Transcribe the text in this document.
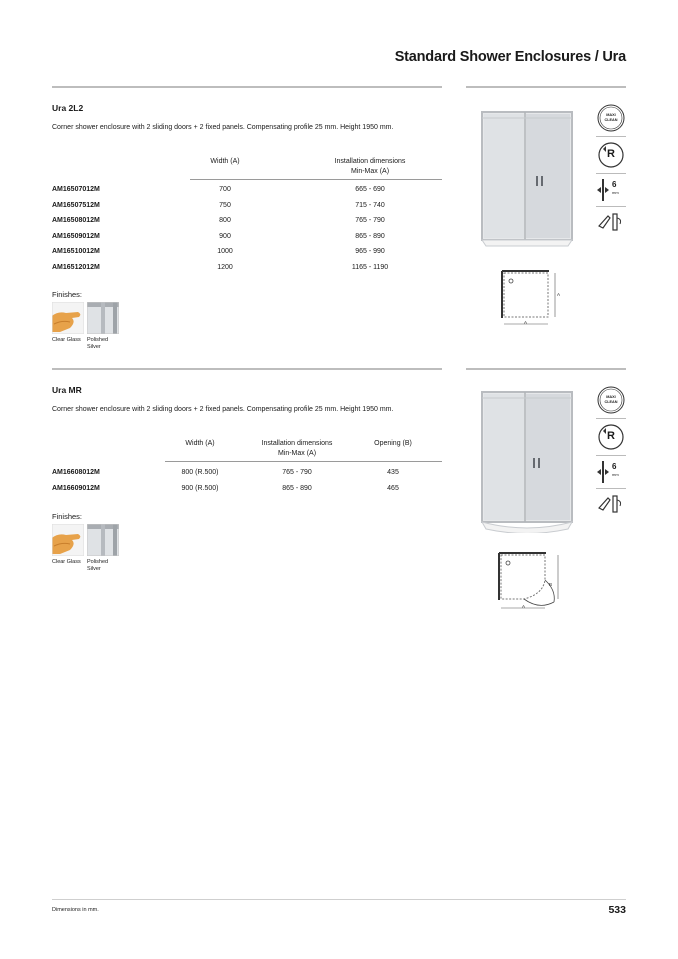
Standard Shower Enclosures / Ura
Ura 2L2
Corner shower enclosure with 2 sliding doors + 2 fixed panels. Compensating profile 25 mm. Height 1950 mm.
Width (A)	Installation dimensions
Min-Max (A)
AM16507012M	700	665 - 690
AM16507512M	750	715 - 740
AM16508012M	800	765 - 790
AM16509012M	900	865 - 890
AM16510012M	1000	965 - 990
AM16512012M	1200	1165 - 1190
Finishes:
Clear Glass Polished
Silver
A
A
MAXI
CLEAN
R
6
mm
Ura MR
Corner shower enclosure with 2 sliding doors + 2 fixed panels. Compensating profile 25 mm. Height 1950 mm.
Width (A)	Installation dimensions
Min-Max (A)
Opening (B)
AM16608012M	800 (R.500)	765 - 790	435
AM16609012M	900 (R.500)	865 - 890	465
Finishes:
Clear Glass Polished
Silver
A
B
MAXI
CLEAN
R
6
mm
Dimensions in mm.	533
